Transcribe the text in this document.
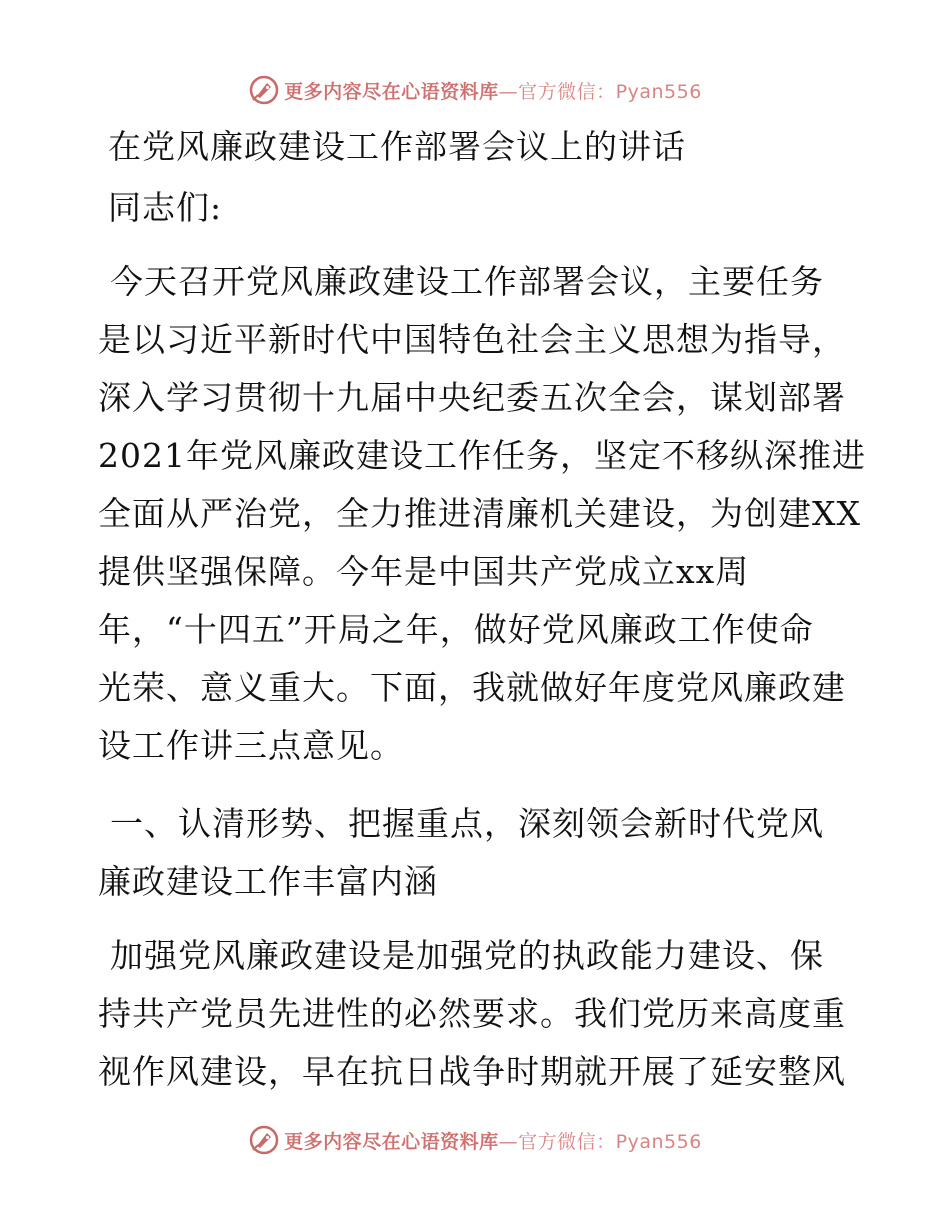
更多内容尽在心语资料库—官方微信：Pyan556
在党风廉政建设工作部署会议上的讲话
同志们:
今天召开党风廉政建设工作部署会议，主要任务
是以习近平新时代中国特色社会主义思想为指导，
深入学习贯彻十九届中央纪委五次全会，谋划部署
2021年党风廉政建设工作任务，坚定不移纵深推进
全面从严治党，全力推进清廉机关建设，为创建XX
提供坚强保障。今年是中国共产党成立xx周
年，“十四五”开局之年，做好党风廉政工作使命
光荣、意义重大。下面，我就做好年度党风廉政建
设工作讲三点意见。
一、认清形势、把握重点，深刻领会新时代党风
廉政建设工作丰富内涵
加强党风廉政建设是加强党的执政能力建设、保
持共产党员先进性的必然要求。我们党历来高度重
视作风建设，早在抗日战争时期就开展了延安整风
更多内容尽在心语资料库—官方微信：Pyan556
